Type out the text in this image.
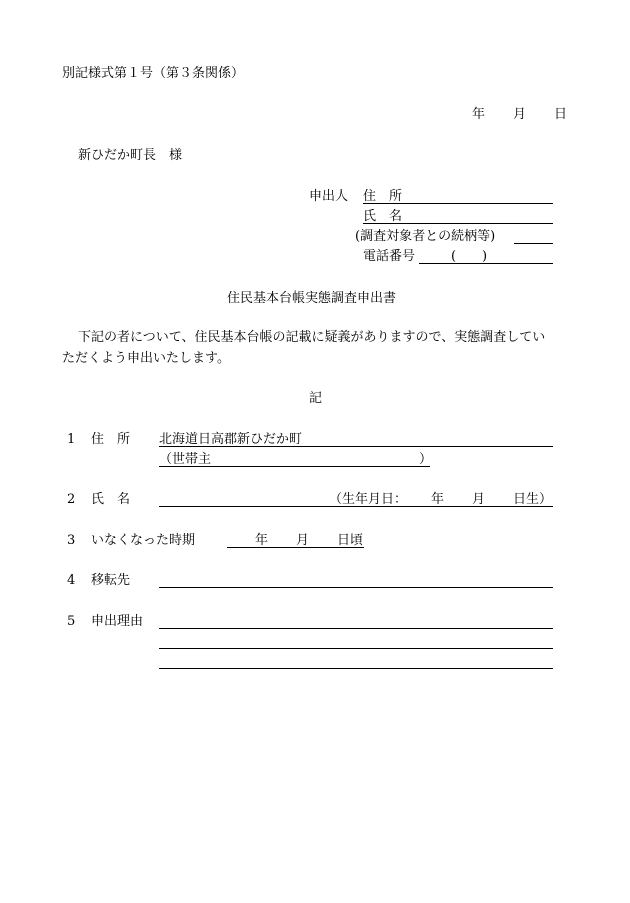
別記様式第１号（第３条関係）
年 月 日
新ひだか町長　様
申出人 住　所
氏　名
(調査対象者との続柄等)
電話番号	( )
住民基本台帳実態調査申出書
下記の者について、住民基本台帳の記載に疑義がありますので、実態調査してい
ただくよう申出いたします。
記
1 住　所 北海道日高郡新ひだか町
（世帯主	）
2 氏　名	（生年月日： 年 月 日生）
3 いなくなった時期	年 月 日頃
4 移転先
5 申出理由
